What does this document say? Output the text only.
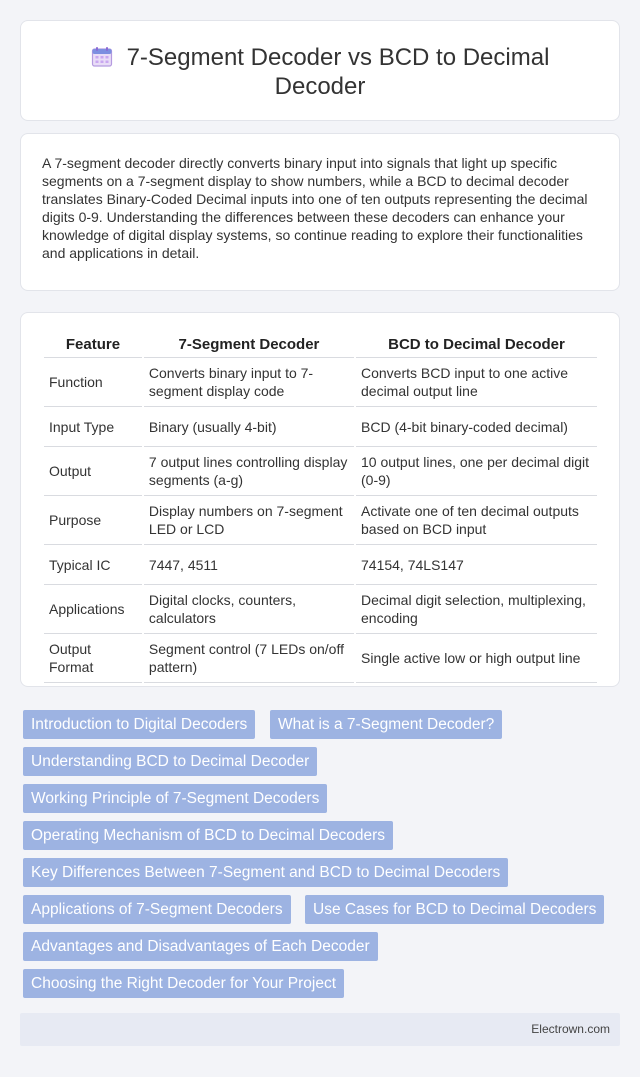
7-Segment Decoder vs BCD to Decimal Decoder

A 7-segment decoder directly converts binary input into signals that light up specific segments on a 7-segment display to show numbers, while a BCD to decimal decoder translates Binary-Coded Decimal inputs into one of ten outputs representing the decimal digits 0-9. Understanding the differences between these decoders can enhance your knowledge of digital display systems, so continue reading to explore their functionalities and applications in detail.

Feature	7-Segment Decoder	BCD to Decimal Decoder
Function	Converts binary input to 7-segment display code	Converts BCD input to one active decimal output line
Input Type	Binary (usually 4-bit)	BCD (4-bit binary-coded decimal)
Output	7 output lines controlling display segments (a-g)	10 output lines, one per decimal digit (0-9)
Purpose	Display numbers on 7-segment LED or LCD	Activate one of ten decimal outputs based on BCD input
Typical IC	7447, 4511	74154, 74LS147
Applications	Digital clocks, counters, calculators	Decimal digit selection, multiplexing, encoding
Output Format	Segment control (7 LEDs on/off pattern)	Single active low or high output line
Introduction to Digital Decoders	What is a 7-Segment Decoder?
Understanding BCD to Decimal Decoder
Working Principle of 7-Segment Decoders
Operating Mechanism of BCD to Decimal Decoders
Key Differences Between 7-Segment and BCD to Decimal Decoders
Applications of 7-Segment Decoders	Use Cases for BCD to Decimal Decoders
Advantages and Disadvantages of Each Decoder
Choosing the Right Decoder for Your Project
Electrown.com
